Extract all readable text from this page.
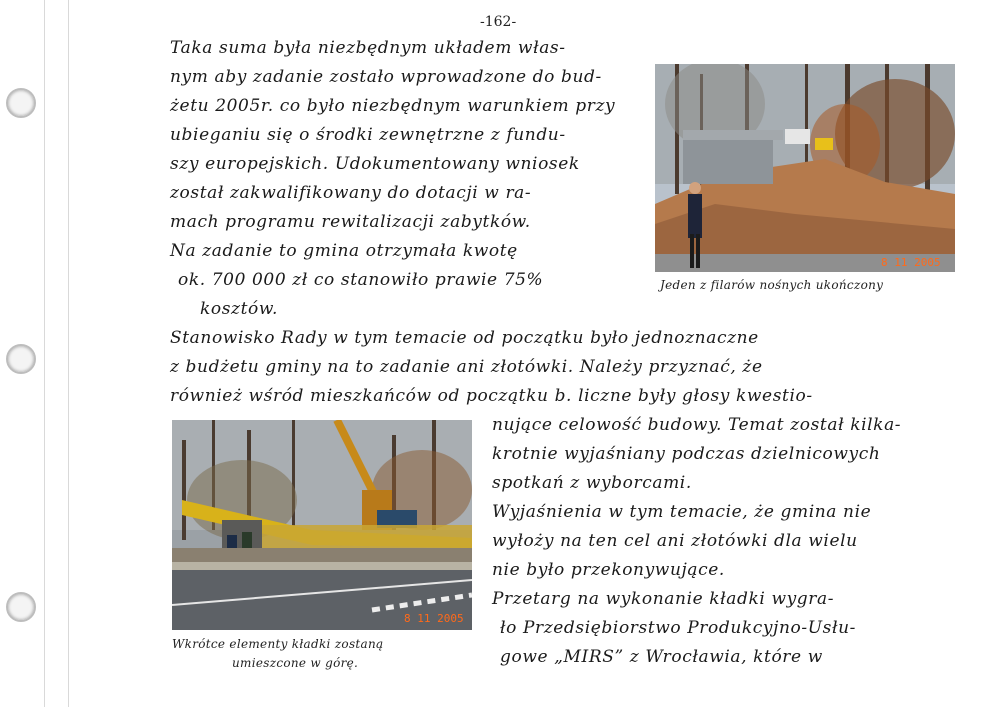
-162-
Taka suma była niezbędnym układem włas-
nym aby zadanie zostało wprowadzone do bud-
żetu 2005r. co było niezbędnym warunkiem przy
ubieganiu się o środki zewnętrzne z fundu-
szy europejskich. Udokumentowany wniosek
został zakwalifikowany do dotacji w ra-
mach programu rewitalizacji zabytków.
Na zadanie to gmina otrzymała kwotę
ok. 700 000 zł co stanowiło prawie 75%
kosztów.
8 11 2005
Jeden z filarów nośnych ukończony
Stanowisko Rady w tym temacie od początku było jednoznaczne
z budżetu gminy na to zadanie ani złotówki. Należy przyznać, że
również wśród mieszkańców od początku b. liczne były głosy kwestio-
8 11 2005
Wkrótce elementy kładki zostaną
umieszcone w górę.
nujące celowość budowy. Temat został kilka-
krotnie wyjaśniany podczas dzielnicowych
spotkań z wyborcami.
Wyjaśnienia w tym temacie, że gmina nie
wyłoży na ten cel ani złotówki dla wielu
nie było przekonywujące.
Przetarg na wykonanie kładki wygra-
ło Przedsiębiorstwo Produkcyjno-Usłu-
gowe „MIRS” z Wrocławia, które w
